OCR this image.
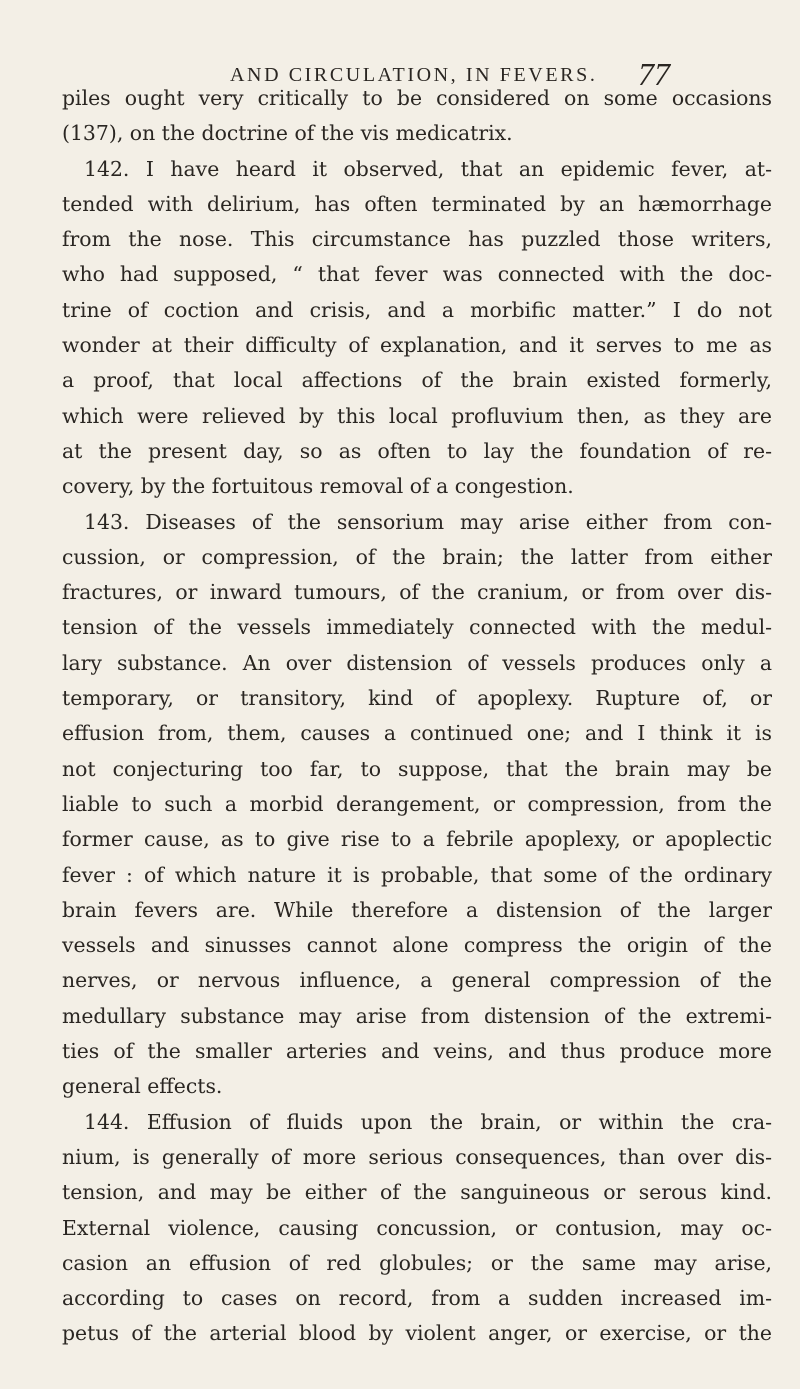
AND CIRCULATION, IN FEVERS. 77
piles ought very critically to be considered on some occasions
(137), on the doctrine of the vis medicatrix.
142. I have heard it observed, that an epidemic fever, at-
tended with delirium, has often terminated by an hæmorrhage
from the nose. This circumstance has puzzled those writers,
who had supposed, “ that fever was connected with the doc-
trine of coction and crisis, and a morbific matter.” I do not
wonder at their difficulty of explanation, and it serves to me as
a proof, that local affections of the brain existed formerly,
which were relieved by this local profluvium then, as they are
at the present day, so as often to lay the foundation of re-
covery, by the fortuitous removal of a congestion.
143. Diseases of the sensorium may arise either from con-
cussion, or compression, of the brain; the latter from either
fractures, or inward tumours, of the cranium, or from over dis-
tension of the vessels immediately connected with the medul-
lary substance. An over distension of vessels produces only a
temporary, or transitory, kind of apoplexy. Rupture of, or
effusion from, them, causes a continued one; and I think it is
not conjecturing too far, to suppose, that the brain may be
liable to such a morbid derangement, or compression, from the
former cause, as to give rise to a febrile apoplexy, or apoplectic
fever : of which nature it is probable, that some of the ordinary
brain fevers are. While therefore a distension of the larger
vessels and sinusses cannot alone compress the origin of the
nerves, or nervous influence, a general compression of the
medullary substance may arise from distension of the extremi-
ties of the smaller arteries and veins, and thus produce more
general effects.
144. Effusion of fluids upon the brain, or within the cra-
nium, is generally of more serious consequences, than over dis-
tension, and may be either of the sanguineous or serous kind.
External violence, causing concussion, or contusion, may oc-
casion an effusion of red globules; or the same may arise,
according to cases on record, from a sudden increased im-
petus of the arterial blood by violent anger, or exercise, or the
